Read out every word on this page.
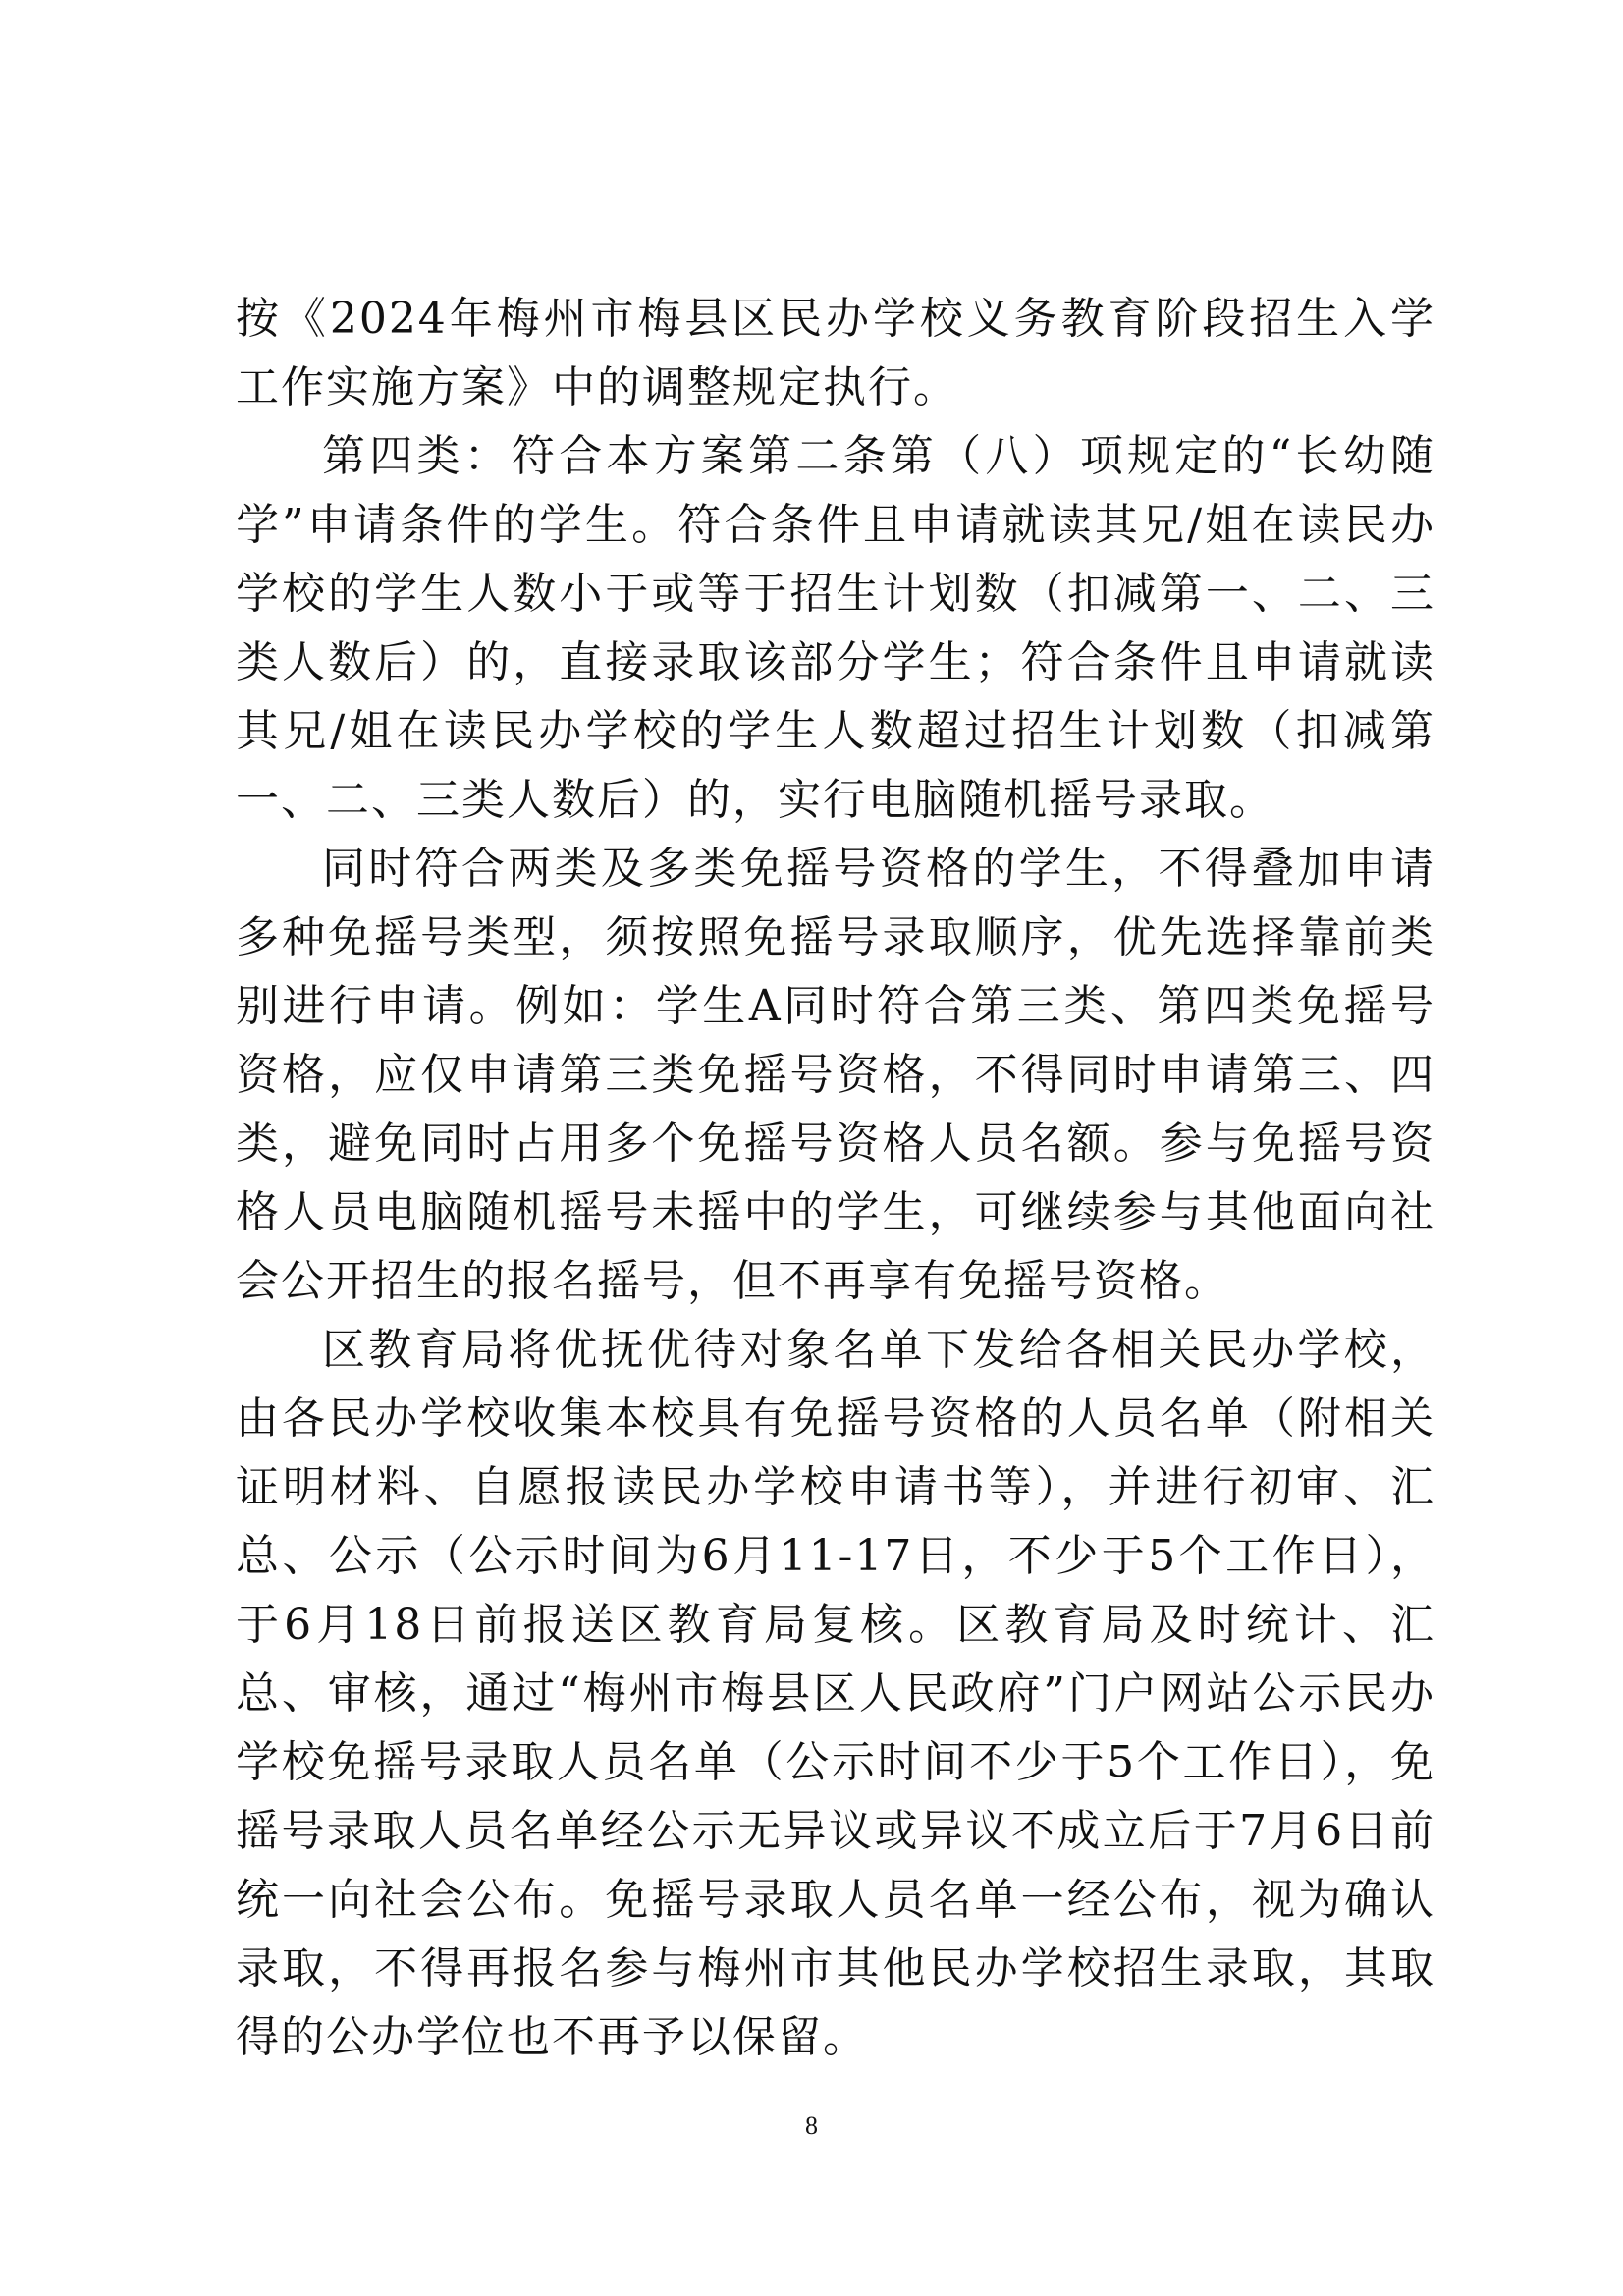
按《2024年梅州市梅县区民办学校义务教育阶段招生入学工作实施方案》中的调整规定执行。

第四类：符合本方案第二条第（八）项规定的“长幼随学”申请条件的学生。符合条件且申请就读其兄/姐在读民办学校的学生人数小于或等于招生计划数（扣减第一、二、三类人数后）的，直接录取该部分学生；符合条件且申请就读其兄/姐在读民办学校的学生人数超过招生计划数（扣减第一、二、三类人数后）的，实行电脑随机摇号录取。

同时符合两类及多类免摇号资格的学生，不得叠加申请多种免摇号类型，须按照免摇号录取顺序，优先选择靠前类别进行申请。例如：学生A同时符合第三类、第四类免摇号资格，应仅申请第三类免摇号资格，不得同时申请第三、四类，避免同时占用多个免摇号资格人员名额。参与免摇号资格人员电脑随机摇号未摇中的学生，可继续参与其他面向社会公开招生的报名摇号，但不再享有免摇号资格。

区教育局将优抚优待对象名单下发给各相关民办学校，由各民办学校收集本校具有免摇号资格的人员名单（附相关证明材料、自愿报读民办学校申请书等），并进行初审、汇总、公示（公示时间为6月11-17日，不少于5个工作日），于6月18日前报送区教育局复核。区教育局及时统计、汇总、审核，通过“梅州市梅县区人民政府”门户网站公示民办学校免摇号录取人员名单（公示时间不少于5个工作日），免摇号录取人员名单经公示无异议或异议不成立后于7月6日前统一向社会公布。免摇号录取人员名单一经公布，视为确认录取，不得再报名参与梅州市其他民办学校招生录取，其取得的公办学位也不再予以保留。

8
